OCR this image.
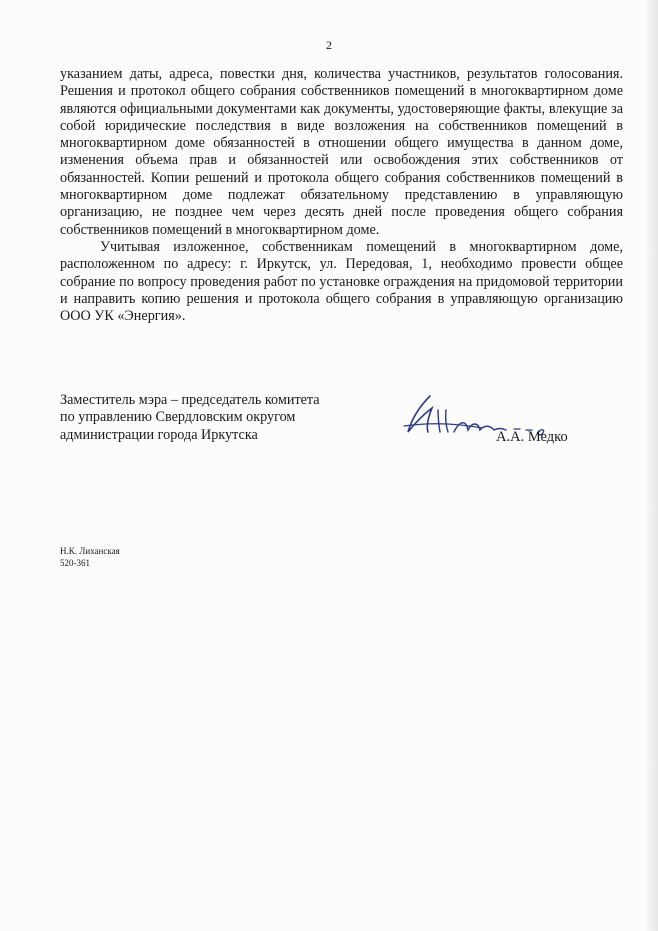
2

указанием даты, адреса, повестки дня, количества участников, результатов голосования. Решения и протокол общего собрания собственников помещений в многоквартирном доме являются официальными документами как документы, удостоверяющие факты, влекущие за собой юридические последствия в виде возложения на собственников помещений в многоквартирном доме обязанностей в отношении общего имущества в данном доме, изменения объема прав и обязанностей или освобождения этих собственников от обязанностей. Копии решений и протокола общего собрания собственников помещений в многоквартирном доме подлежат обязательному представлению в управляющую организацию, не позднее чем через десять дней после проведения общего собрания собственников помещений в многоквартирном доме.

Учитывая изложенное, собственникам помещений в многоквартирном доме, расположенном по адресу: г. Иркутск, ул. Передовая, 1, необходимо провести общее собрание по вопросу проведения работ по установке ограждения на придомовой территории и направить копию решения и протокола общего собрания в управляющую организацию ООО УК «Энергия».

Заместитель мэра – председатель комитета
по управлению Свердловским округом
администрации города Иркутска	А.А. Медко
Н.К. Лиханская
520-361
